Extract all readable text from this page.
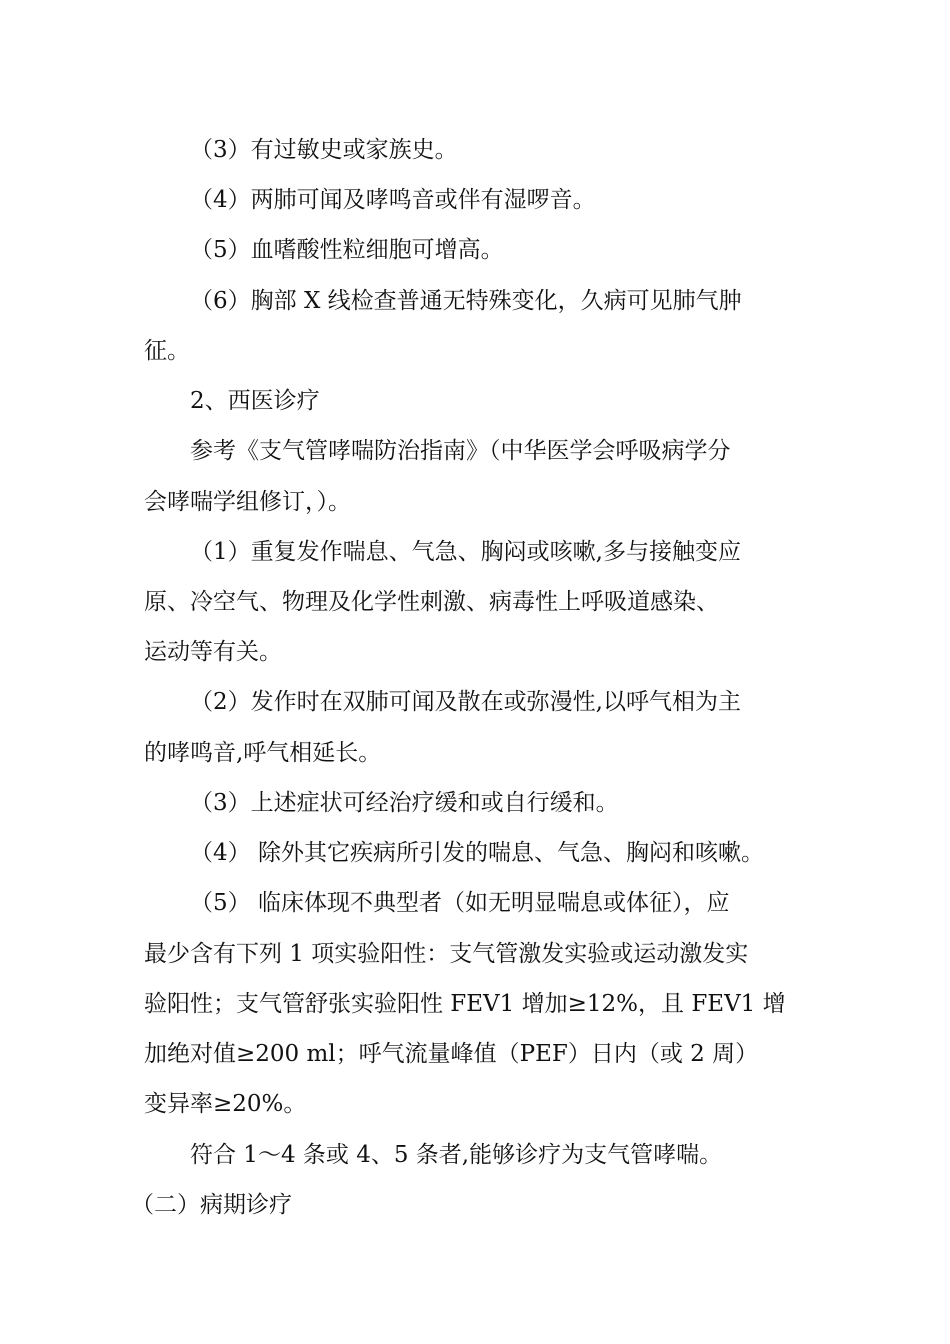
（3）有过敏史或家族史。
（4）两肺可闻及哮鸣音或伴有湿啰音。
（5）血嗜酸性粒细胞可增高。
（6）胸部 X 线检查普通无特殊变化，久病可见肺气肿
征。
2、西医诊疗
参考《支气管哮喘防治指南》（中华医学会呼吸病学分
会哮喘学组修订，）。
（1）重复发作喘息、气急、胸闷或咳嗽,多与接触变应
原、冷空气、物理及化学性刺激、病毒性上呼吸道感染、
运动等有关。
（2）发作时在双肺可闻及散在或弥漫性,以呼气相为主
的哮鸣音,呼气相延长。
（3）上述症状可经治疗缓和或自行缓和。
（4） 除外其它疾病所引发的喘息、气急、胸闷和咳嗽。
（5） 临床体现不典型者（如无明显喘息或体征），应
最少含有下列 1 项实验阳性：支气管激发实验或运动激发实
验阳性；支气管舒张实验阳性 FEV1 增加≥12%，且 FEV1 增
加绝对值≥200 ml；呼气流量峰值（PEF）日内（或 2 周）
变异率≥20%。
符合 1～4 条或 4、5 条者,能够诊疗为支气管哮喘。
（二）病期诊疗
